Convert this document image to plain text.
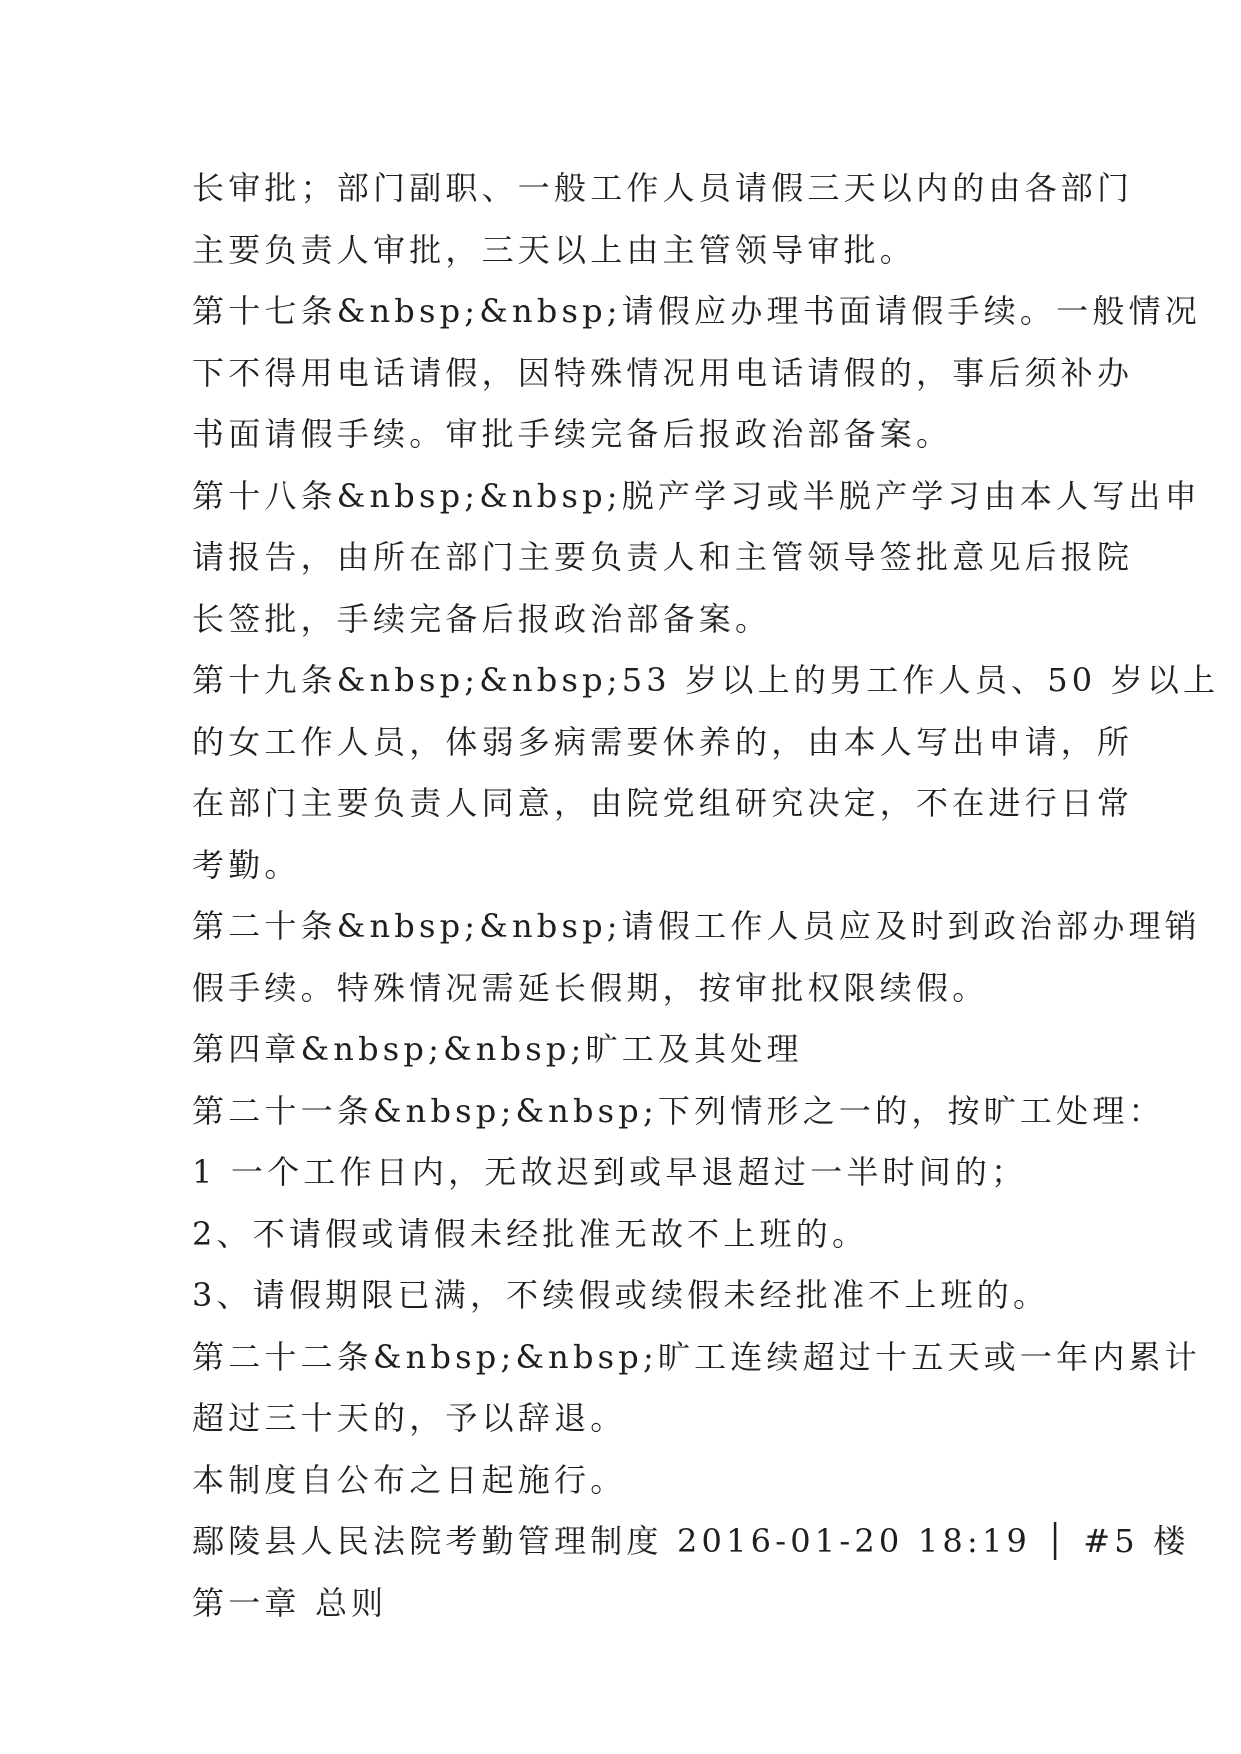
长审批；部门副职、一般工作人员请假三天以内的由各部门
主要负责人审批，三天以上由主管领导审批。
第十七条&nbsp;&nbsp;请假应办理书面请假手续。一般情况
下不得用电话请假，因特殊情况用电话请假的，事后须补办
书面请假手续。审批手续完备后报政治部备案。
第十八条&nbsp;&nbsp;脱产学习或半脱产学习由本人写出申
请报告，由所在部门主要负责人和主管领导签批意见后报院
长签批，手续完备后报政治部备案。
第十九条&nbsp;&nbsp;53 岁以上的男工作人员、50 岁以上
的女工作人员，体弱多病需要休养的，由本人写出申请，所
在部门主要负责人同意，由院党组研究决定，不在进行日常
考勤。
第二十条&nbsp;&nbsp;请假工作人员应及时到政治部办理销
假手续。特殊情况需延长假期，按审批权限续假。
第四章&nbsp;&nbsp;旷工及其处理
第二十一条&nbsp;&nbsp;下列情形之一的，按旷工处理：
1 一个工作日内，无故迟到或早退超过一半时间的；
2、不请假或请假未经批准无故不上班的。
3、请假期限已满，不续假或续假未经批准不上班的。
第二十二条&nbsp;&nbsp;旷工连续超过十五天或一年内累计
超过三十天的，予以辞退。
本制度自公布之日起施行。
鄢陵县人民法院考勤管理制度 2016-01-20 18:19 │ #5 楼
第一章 总则
